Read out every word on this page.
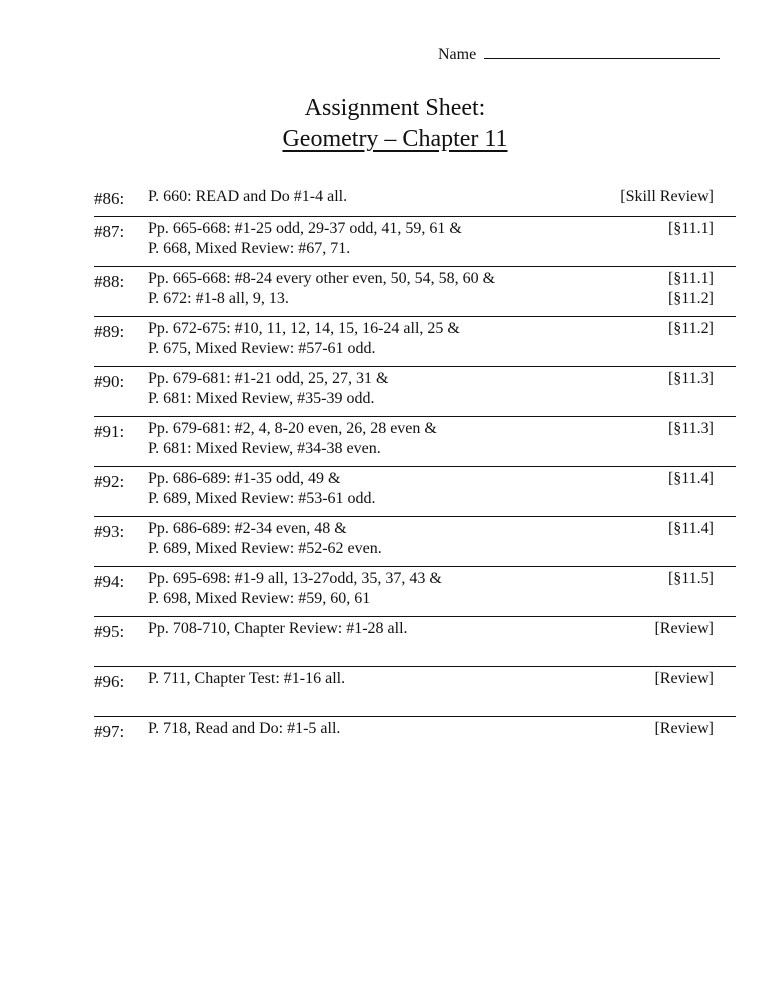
Name
Assignment Sheet:
Geometry – Chapter 11
#86:	P. 660: READ and Do #1-4 all.	[Skill Review]

#87:	Pp. 665-668: #1-25 odd, 29-37 odd, 41, 59, 61 &
P. 668, Mixed Review: #67, 71.	[§11.1]

#88:	Pp. 665-668: #8-24 every other even, 50, 54, 58, 60 &
P. 672: #1-8 all, 9, 13.	[§11.1]
[§11.2]

#89:	Pp. 672-675: #10, 11, 12, 14, 15, 16-24 all, 25 &
P. 675, Mixed Review: #57-61 odd.	[§11.2]

#90:	Pp. 679-681: #1-21 odd, 25, 27, 31 &
P. 681: Mixed Review, #35-39 odd.	[§11.3]

#91:	Pp. 679-681: #2, 4, 8-20 even, 26, 28 even &
P. 681: Mixed Review, #34-38 even.	[§11.3]

#92:	Pp. 686-689: #1-35 odd, 49 &
P. 689, Mixed Review: #53-61 odd.	[§11.4]

#93:	Pp. 686-689: #2-34 even, 48 &
P. 689, Mixed Review: #52-62 even.	[§11.4]

#94:	Pp. 695-698: #1-9 all, 13-27odd, 35, 37, 43 &
P. 698, Mixed Review: #59, 60, 61	[§11.5]

#95:	Pp. 708-710, Chapter Review: #1-28 all.	[Review]

#96:	P. 711, Chapter Test: #1-16 all.	[Review]

#97:	P. 718, Read and Do: #1-5 all.	[Review]
